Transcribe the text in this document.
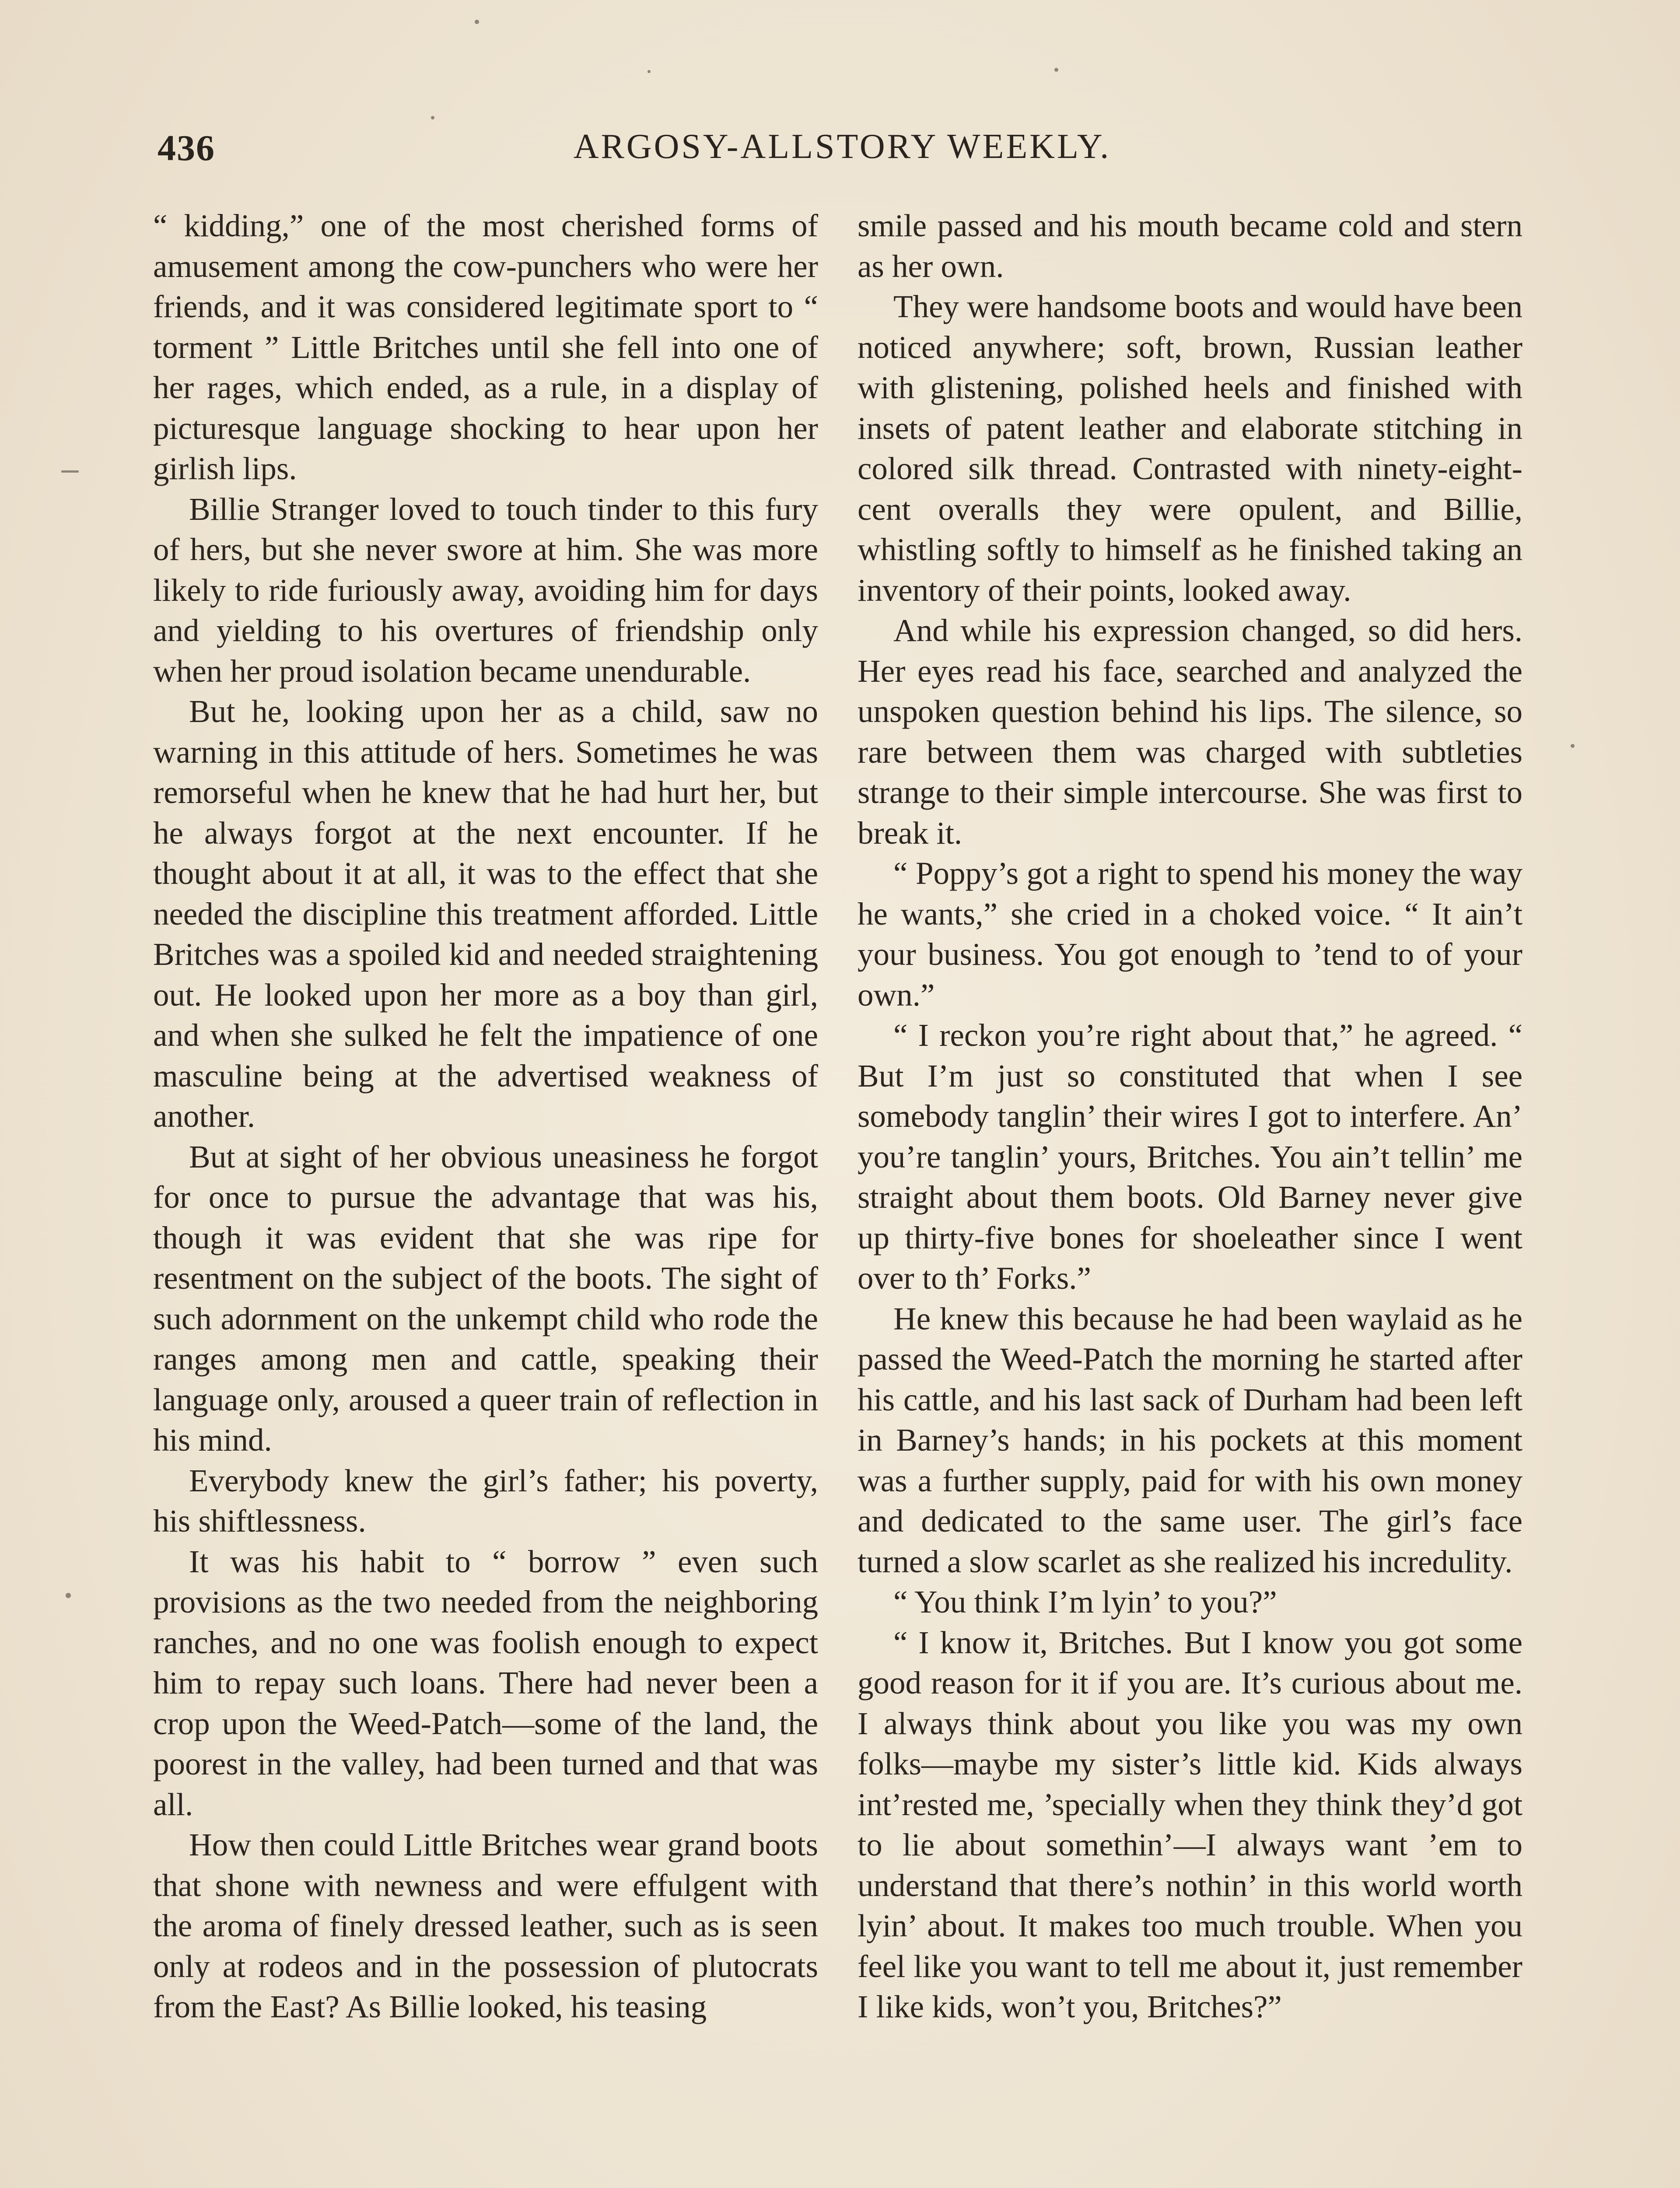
436	ARGOSY-ALLSTORY WEEKLY.

“ kidding,” one of the most cherished forms of amusement among the cow-punchers who were her friends, and it was considered legitimate sport to “ torment ” Little Britches until she fell into one of her rages, which ended, as a rule, in a display of picturesque language shocking to hear upon her girlish lips.

Billie Stranger loved to touch tinder to this fury of hers, but she never swore at him. She was more likely to ride furiously away, avoiding him for days and yielding to his overtures of friendship only when her proud isolation became unendurable.

But he, looking upon her as a child, saw no warning in this attitude of hers. Sometimes he was remorseful when he knew that he had hurt her, but he always forgot at the next encounter. If he thought about it at all, it was to the effect that she needed the discipline this treatment afforded. Little Britches was a spoiled kid and needed straightening out. He looked upon her more as a boy than girl, and when she sulked he felt the impatience of one masculine being at the advertised weakness of another.

But at sight of her obvious uneasiness he forgot for once to pursue the advantage that was his, though it was evident that she was ripe for resentment on the subject of the boots. The sight of such adornment on the unkempt child who rode the ranges among men and cattle, speaking their language only, aroused a queer train of reflection in his mind.

Everybody knew the girl’s father; his poverty, his shiftlessness.

It was his habit to “ borrow ” even such provisions as the two needed from the neighboring ranches, and no one was foolish enough to expect him to repay such loans. There had never been a crop upon the Weed-Patch—some of the land, the poorest in the valley, had been turned and that was all.

How then could Little Britches wear grand boots that shone with newness and were effulgent with the aroma of finely dressed leather, such as is seen only at rodeos and in the possession of plutocrats from the East? As Billie looked, his teasing

smile passed and his mouth became cold and stern as her own.

They were handsome boots and would have been noticed anywhere; soft, brown, Russian leather with glistening, polished heels and finished with insets of patent leather and elaborate stitching in colored silk thread. Contrasted with ninety-eight-cent overalls they were opulent, and Billie, whistling softly to himself as he finished taking an inventory of their points, looked away.

And while his expression changed, so did hers. Her eyes read his face, searched and analyzed the unspoken question behind his lips. The silence, so rare between them was charged with subtleties strange to their simple intercourse. She was first to break it.

“ Poppy’s got a right to spend his money the way he wants,” she cried in a choked voice. “ It ain’t your business. You got enough to ’tend to of your own.”

“ I reckon you’re right about that,” he agreed. “ But I’m just so constituted that when I see somebody tanglin’ their wires I got to interfere. An’ you’re tanglin’ yours, Britches. You ain’t tellin’ me straight about them boots. Old Barney never give up thirty-five bones for shoeleather since I went over to th’ Forks.”

He knew this because he had been waylaid as he passed the Weed-Patch the morning he started after his cattle, and his last sack of Durham had been left in Barney’s hands; in his pockets at this moment was a further supply, paid for with his own money and dedicated to the same user. The girl’s face turned a slow scarlet as she realized his incredulity.

“ You think I’m lyin’ to you?”

“ I know it, Britches. But I know you got some good reason for it if you are. It’s curious about me. I always think about you like you was my own folks—maybe my sister’s little kid. Kids always int’rested me, ’specially when they think they’d got to lie about somethin’—I always want ’em to understand that there’s nothin’ in this world worth lyin’ about. It makes too much trouble. When you feel like you want to tell me about it, just remember I like kids, won’t you, Britches?”
